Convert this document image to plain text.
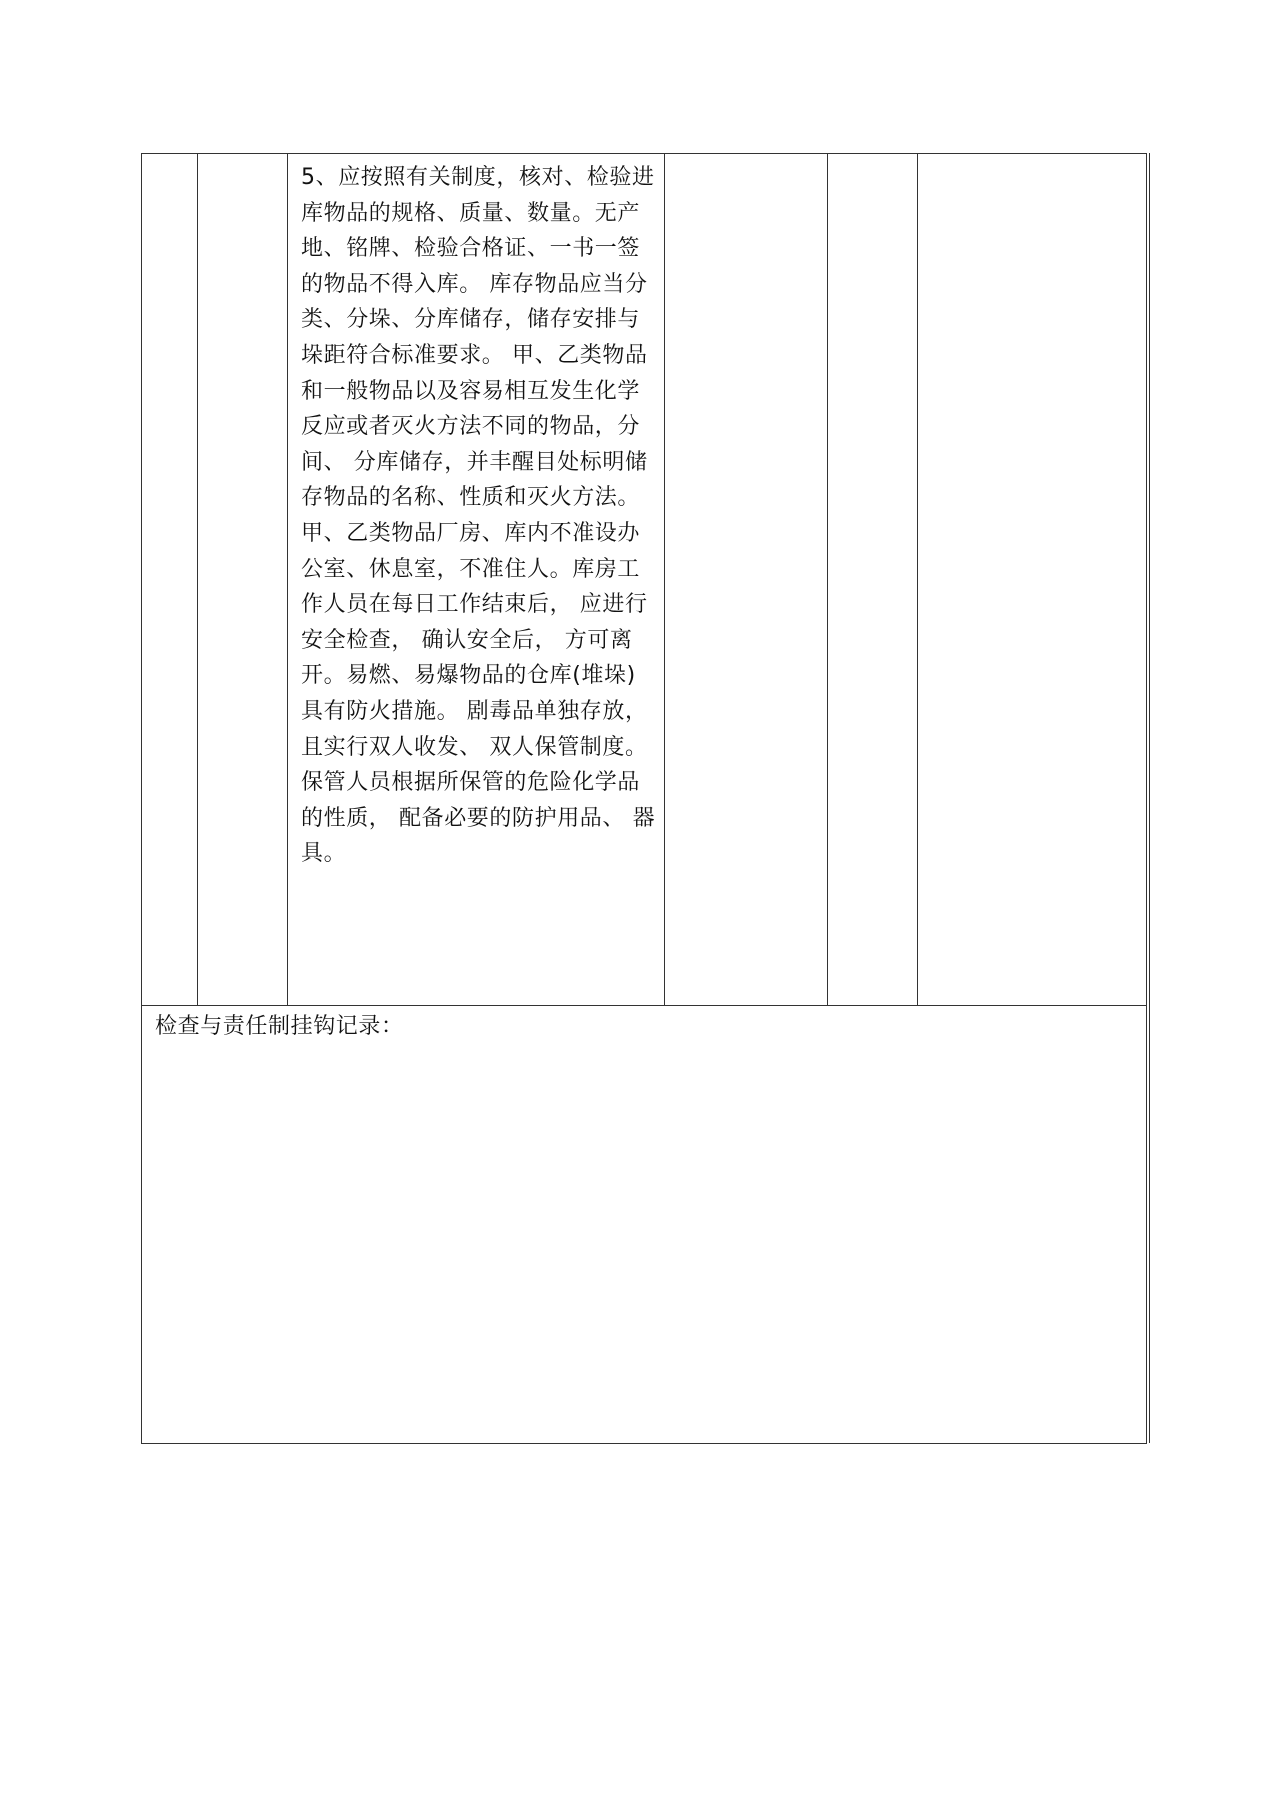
5、应按照有关制度，核对、检验进库物品的规格、质量、数量。无产地、铭牌、检验合格证、一书一签的物品不得入库。 库存物品应当分类、分垛、分库储存，储存安排与垛距符合标准要求。 甲、乙类物品和一般物品以及容易相互发生化学反应或者灭火方法不同的物品，分间、 分库储存，并丰醒目处标明储存物品的名称、性质和灭火方法。甲、乙类物品厂房、库内不准设办公室、休息室，不准住人。库房工作人员在每日工作结束后， 应进行安全检查， 确认安全后， 方可离开。易燃、易爆物品的仓库(堆垛) 具有防火措施。 剧毒品单独存放， 且实行双人收发、 双人保管制度。 保管人员根据所保管的危险化学品的性质， 配备必要的防护用品、 器具。

检查与责任制挂钩记录：
